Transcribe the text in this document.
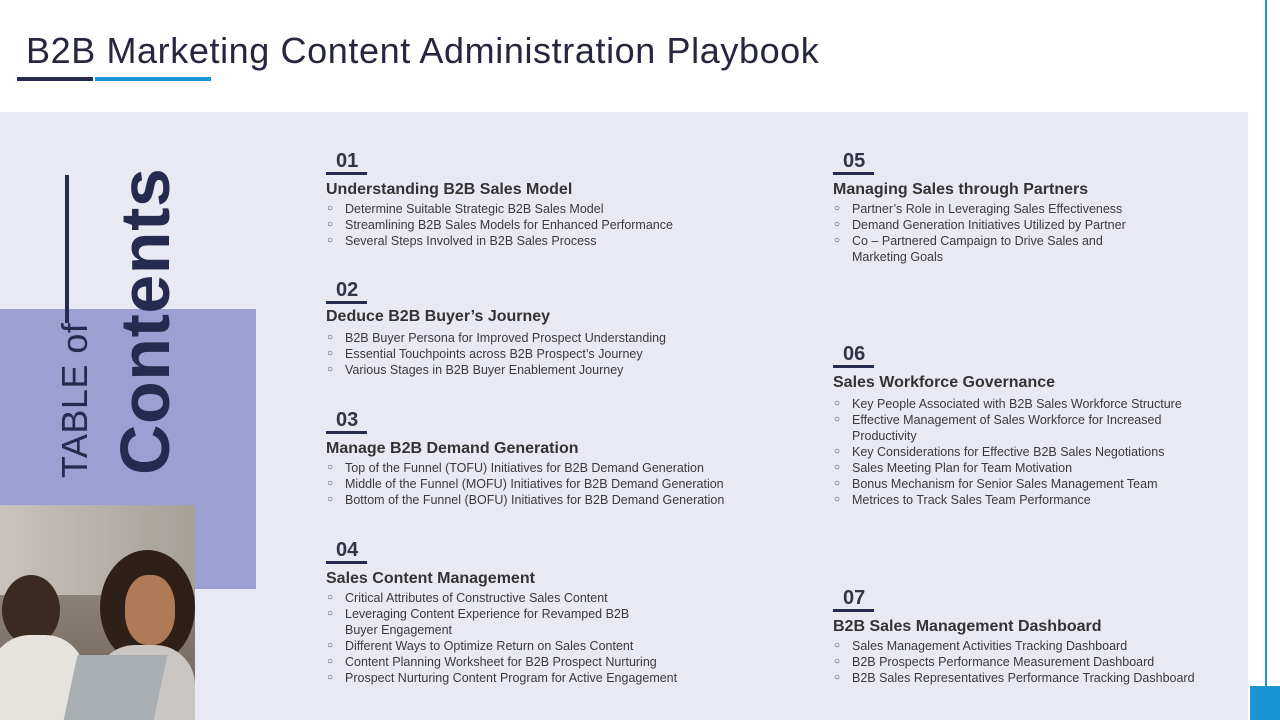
B2B Marketing Content Administration Playbook
TABLE of Contents
01
Understanding B2B Sales Model
○ Determine Suitable Strategic B2B Sales Model
○ Streamlining B2B Sales Models for Enhanced Performance
○ Several Steps Involved in B2B Sales Process
02
Deduce B2B Buyer’s Journey
○ B2B Buyer Persona for Improved Prospect Understanding
○ Essential Touchpoints across B2B Prospect’s Journey
○ Various Stages in B2B Buyer Enablement Journey
03
Manage B2B Demand Generation
○ Top of the Funnel (TOFU) Initiatives for B2B Demand Generation
○ Middle of the Funnel (MOFU) Initiatives for B2B Demand Generation
○ Bottom of the Funnel (BOFU) Initiatives for B2B Demand Generation
04
Sales Content Management
○ Critical Attributes of Constructive Sales Content
○ Leveraging Content Experience for Revamped B2B
Buyer Engagement
○ Different Ways to Optimize Return on Sales Content
○ Content Planning Worksheet for B2B Prospect Nurturing
○ Prospect Nurturing Content Program for Active Engagement
05
Managing Sales through Partners
○ Partner’s Role in Leveraging Sales Effectiveness
○ Demand Generation Initiatives Utilized by Partner
○ Co – Partnered Campaign to Drive Sales and
Marketing Goals
06
Sales Workforce Governance
○ Key People Associated with B2B Sales Workforce Structure
○ Effective Management of Sales Workforce for Increased
Productivity
○ Key Considerations for Effective B2B Sales Negotiations
○ Sales Meeting Plan for Team Motivation
○ Bonus Mechanism for Senior Sales Management Team
○ Metrices to Track Sales Team Performance
07
B2B Sales Management Dashboard
○ Sales Management Activities Tracking Dashboard
○ B2B Prospects Performance Measurement Dashboard
○ B2B Sales Representatives Performance Tracking Dashboard
